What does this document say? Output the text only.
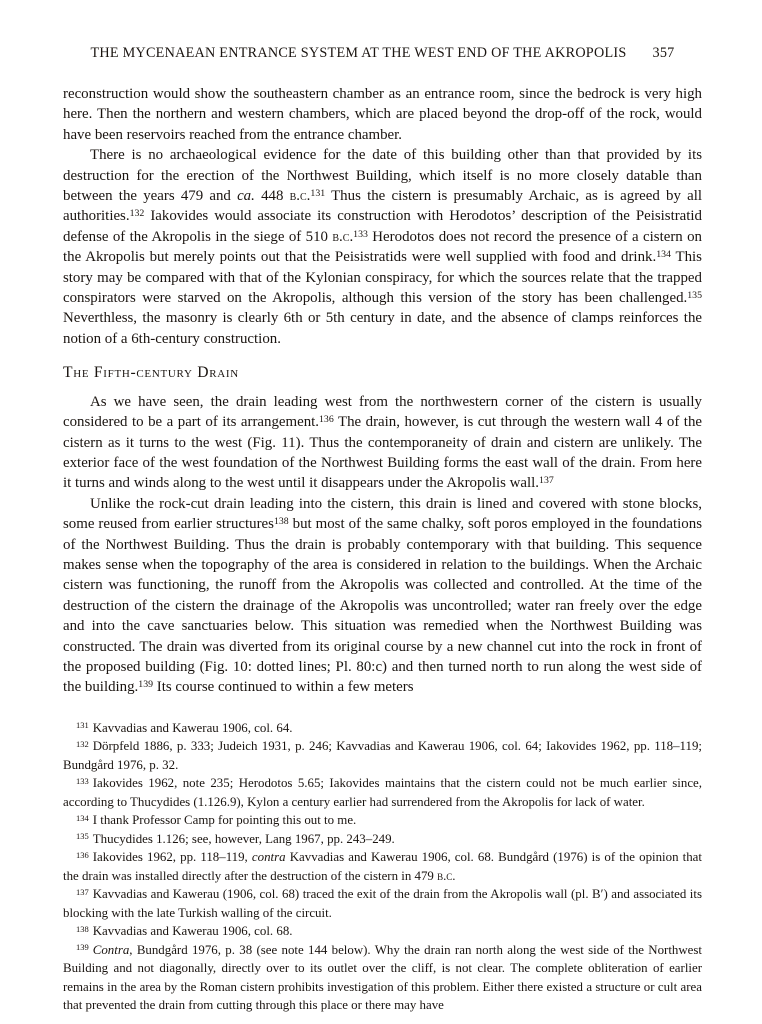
THE MYCENAEAN ENTRANCE SYSTEM AT THE WEST END OF THE AKROPOLIS 357

reconstruction would show the southeastern chamber as an entrance room, since the bedrock is very high here. Then the northern and western chambers, which are placed beyond the drop-off of the rock, would have been reservoirs reached from the entrance chamber.

There is no archaeological evidence for the date of this building other than that provided by its destruction for the erection of the Northwest Building, which itself is no more closely datable than between the years 479 and ca. 448 b.c.$^{131}$ Thus the cistern is presumably Archaic, as is agreed by all authorities.$^{132}$ Iakovides would associate its construction with Herodotos’ description of the Peisistratid defense of the Akropolis in the siege of 510 b.c.$^{133}$ Herodotos does not record the presence of a cistern on the Akropolis but merely points out that the Peisistratids were well supplied with food and drink.$^{134}$ This story may be compared with that of the Kylonian conspiracy, for which the sources relate that the trapped conspirators were starved on the Akropolis, although this version of the story has been challenged.$^{135}$ Neverthless, the masonry is clearly 6th or 5th century in date, and the absence of clamps reinforces the notion of a 6th-century construction.

The Fifth-century Drain

As we have seen, the drain leading west from the northwestern corner of the cistern is usually considered to be a part of its arrangement.$^{136}$ The drain, however, is cut through the western wall 4 of the cistern as it turns to the west (Fig. 11). Thus the contemporaneity of drain and cistern are unlikely. The exterior face of the west foundation of the Northwest Building forms the east wall of the drain. From here it turns and winds along to the west until it disappears under the Akropolis wall.$^{137}$

Unlike the rock-cut drain leading into the cistern, this drain is lined and covered with stone blocks, some reused from earlier structures$^{138}$ but most of the same chalky, soft poros employed in the foundations of the Northwest Building. Thus the drain is probably contemporary with that building. This sequence makes sense when the topography of the area is considered in relation to the buildings. When the Archaic cistern was functioning, the runoff from the Akropolis was collected and controlled. At the time of the destruction of the cistern the drainage of the Akropolis was uncontrolled; water ran freely over the edge and into the cave sanctuaries below. This situation was remedied when the Northwest Building was constructed. The drain was diverted from its original course by a new channel cut into the rock in front of the proposed building (Fig. 10: dotted lines; Pl. 80:c) and then turned north to run along the west side of the building.$^{139}$ Its course continued to within a few meters

$^{131}$ Kavvadias and Kawerau 1906, col. 64.

$^{132}$ Dörpfeld 1886, p. 333; Judeich 1931, p. 246; Kavvadias and Kawerau 1906, col. 64; Iakovides 1962, pp. 118–119; Bundgård 1976, p. 32.

$^{133}$ Iakovides 1962, note 235; Herodotos 5.65; Iakovides maintains that the cistern could not be much earlier since, according to Thucydides (1.126.9), Kylon a century earlier had surrendered from the Akropolis for lack of water.

$^{134}$ I thank Professor Camp for pointing this out to me.

$^{135}$ Thucydides 1.126; see, however, Lang 1967, pp. 243–249.

$^{136}$ Iakovides 1962, pp. 118–119, contra Kavvadias and Kawerau 1906, col. 68. Bundgård (1976) is of the opinion that the drain was installed directly after the destruction of the cistern in 479 b.c.

$^{137}$ Kavvadias and Kawerau (1906, col. 68) traced the exit of the drain from the Akropolis wall (pl. B′) and associated its blocking with the late Turkish walling of the circuit.

$^{138}$ Kavvadias and Kawerau 1906, col. 68.

$^{139}$ Contra, Bundgård 1976, p. 38 (see note 144 below). Why the drain ran north along the west side of the Northwest Building and not diagonally, directly over to its outlet over the cliff, is not clear. The complete obliteration of earlier remains in the area by the Roman cistern prohibits investigation of this problem. Either there existed a structure or cult area that prevented the drain from cutting through this place or there may have
